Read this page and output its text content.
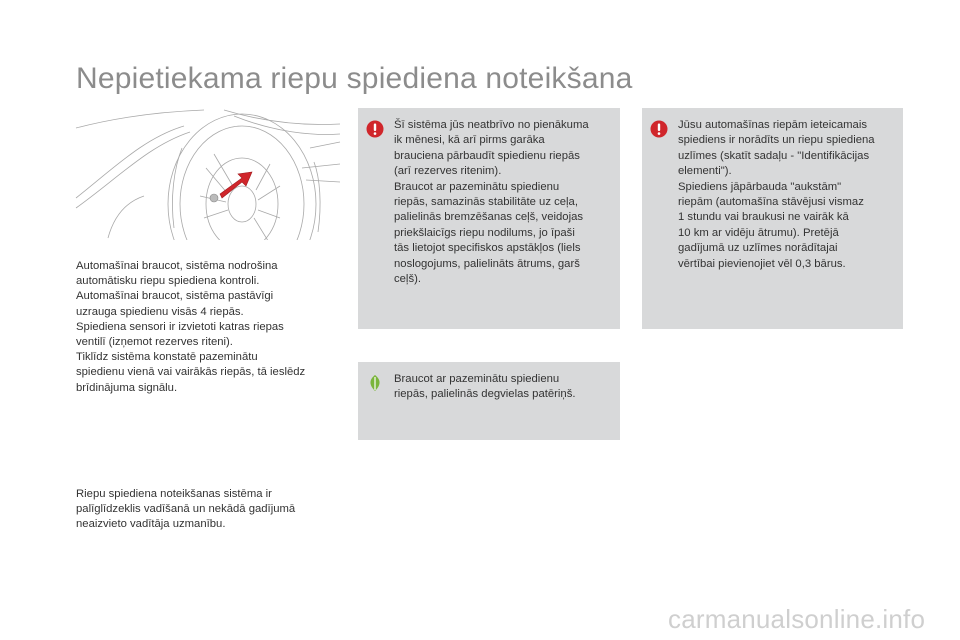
Nepietiekama riepu spiediena noteikšana
Automašīnai braucot, sistēma nodrošina
automātisku riepu spiediena kontroli.
Automašīnai braucot, sistēma pastāvīgi
uzrauga spiedienu visās 4 riepās.
Spiediena sensori ir izvietoti katras riepas
ventilī (izņemot rezerves riteni).
Tiklīdz sistēma konstatē pazeminātu
spiedienu vienā vai vairākās riepās, tā ieslēdz
brīdinājuma signālu.
Riepu spiediena noteikšanas sistēma ir
palīglīdzeklis vadīšanā un nekādā gadījumā
neaizvieto vadītāja uzmanību.
Šī sistēma jūs neatbrīvo no pienākuma
ik mēnesi, kā arī pirms garāka
brauciena pārbaudīt spiedienu riepās
(arī rezerves ritenim).
Braucot ar pazeminātu spiedienu
riepās, samazinās stabilitāte uz ceļa,
palielinās bremzēšanas ceļš, veidojas
priekšlaicīgs riepu nodilums, jo īpaši
tās lietojot specifiskos apstākļos (liels
noslogojums, palielināts ātrums, garš
ceļš).
Braucot ar pazeminātu spiedienu
riepās, palielinās degvielas patēriņš.
Jūsu automašīnas riepām ieteicamais
spiediens ir norādīts un riepu spiediena
uzlīmes (skatīt sadaļu - "Identifikācijas
elementi").
Spiediens jāpārbauda "aukstām"
riepām (automašīna stāvējusi vismaz
1 stundu vai braukusi ne vairāk kā
10 km ar vidēju ātrumu). Pretējā
gadījumā uz uzlīmes norādītajai
vērtībai pievienojiet vēl 0,3 bārus.
carmanualsonline.info
